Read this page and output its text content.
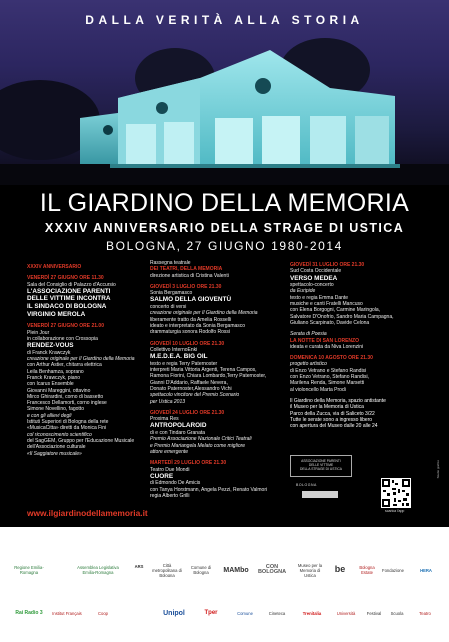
DALLA VERITÀ ALLA STORIA
IL GIARDINO DELLA MEMORIA
XXXIV ANNIVERSARIO DELLA STRAGE DI USTICA
BOLOGNA, 27 GIUGNO 1980-2014
XXXIV ANNIVERSARIO
VENERDÌ 27 GIUGNO ORE 11.30
Sala del Consiglio di Palazzo d'Accursio
L'ASSOCIAZIONE PARENTI
DELLE VITTIME INCONTRA
IL SINDACO DI BOLOGNA
VIRGINIO MEROLA
VENERDÌ 27 GIUGNO ORE 21.00
Plein Jour
in collaborazione con Crossopia
RENDEZ-VOUS
di Franck Krawczyk
creazione originale per Il Giardino della Memoria
con Arthur Astier, chitarra elettrica
Leila Benhamza, soprano
Franck Krawczyk, piano
con Icarus Ensemble
Giovanni Mareggini, ottavino
Mirco Ghirardini, corno di bassetto
Francesco Dellamorti, corno inglese
Simone Novellino, fagotto
e con gli allievi degli
Istituti Superiori di Bologna della rete
«MusicaCitta» diretti da Monica Fini
col riconoscimento scientifico
del SagGEM, Gruppo per l'Educazione Musicale
dell'Associazione culturale
«Il Saggiatore musicale»
www.ilgiardinodellamemoria.it
Rassegna teatrale
DEI TEATRI, DELLA MEMORIA
direzione artistica di Cristina Valenti
GIOVEDÌ 3 LUGLIO ORE 21.30
Sonia Bergamasco
SALMO DELLA GIOVENTÙ
concerto di versi
creazione originale per Il Giardino della Memoria
liberamente tratto da Amelia Rosselli
ideato e interpretato da Sonia Bergamasco
drammaturgia sonora Rodolfo Rossi
GIOVEDÌ 10 LUGLIO ORE 21.30
Collettivo InternoEnki
M.E.D.E.A. BIG OIL
testo e regia Terry Paternoster
interpreti Maria Vittoria Argenti, Terena Campos,
Ramona Fiorini, Chiara Lombardo,Terry Paternoster,
Gianni D'Addario, Raffaele Nevera,
Donato Paternoster,Alessandro Vichi
spettacolo vincitore del Premio Scenario
per Ustica 2013
GIOVEDÌ 24 LUGLIO ORE 21.30
Proxima Res
ANTROPOLAROID
di e con Tindaro Granata
Premio Associazione Nazionale Critici Teatrali
e Premio Mariangela Melato come migliore
attore emergente
MARTEDÌ 29 LUGLIO ORE 21.30
Teatro Due Mondi
CUORE
di Edmondo De Amicis
con Tanya Horstmann, Angela Pezzi, Renato Valmori
regia Alberto Grilli
GIOVEDÌ 31 LUGLIO ORE 21.30
Sud Costa Occidentale
VERSO MEDEA
spettacolo-concerto
da Euripide
testo e regia Emma Dante
musiche e canti Fratelli Mancuso
con Elena Borgogni, Carmine Maringola,
Salvatore D'Onofrio, Sandro Maria Campagna,
Giuliano Scarpinato, Davide Celona
Serata di Poesia
LA NOTTE DI SAN LORENZO
ideata e curata da Niva Lorenzini
DOMENICA 10 AGOSTO ORE 21.30
progetto artistico
di Enzo Vetrano e Stefano Randisi
con Enzo Vetrano, Stefano Randisi,
Marilena Renda, Simone Marsetti
al violoncello Marta Prodi
Il Giardino della Memoria, spazio antistante
il Museo per la Memoria di Ustica
Parco della Zucca, via di Saliceto 3/22
Tutte le serate sono a ingresso libero
con apertura del Museo dalle 20 alle 24
ASSOCIAZIONE PARENTI
DELLE VITTIME
DELLA STRAGE DI USTICA
BOLOGNA
scarica l'app
Studio grafico
Regione Emilia-Romagna
Assemblea Legislativa Emilia-Romagna
ARS	Città metropolitana di Bologna
Comune di Bologna	MAMbo	CON BOLOGNA
Museo per la Memoria di Ustica
be	Bologna Estate	Fondazione	HERA
Rai Radio 3	Institut Français	Coop	Unipol	Tper	Comune	Cineteca	Trenitalia	Università	Festival	Scuola	Teatro
